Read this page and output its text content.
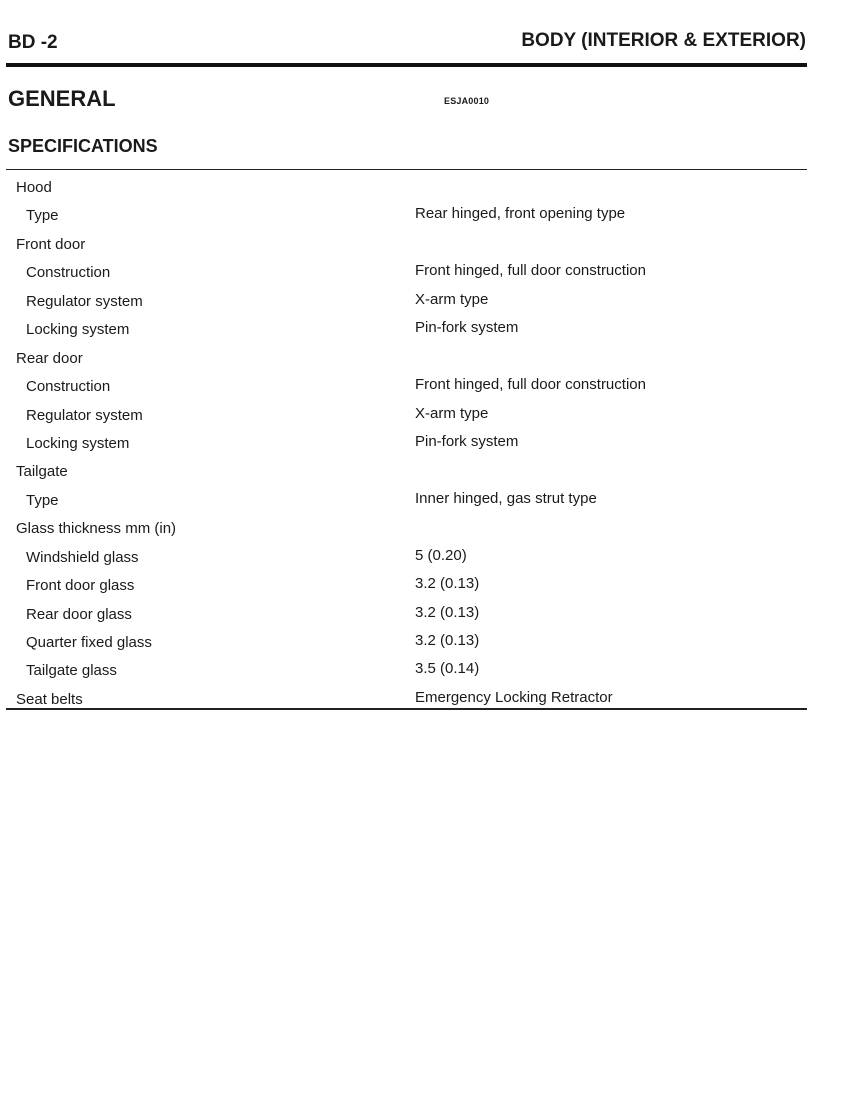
BD -2	BODY (INTERIOR & EXTERIOR)
GENERAL	ESJA0010
SPECIFICATIONS
Hood
Type	Rear hinged, front opening type
Front door
Construction	Front hinged, full door construction
Regulator system	X-arm type
Locking system	Pin-fork system
Rear door
Construction	Front hinged, full door construction
Regulator system	X-arm type
Locking system	Pin-fork system
Tailgate
Type	Inner hinged, gas strut type
Glass thickness mm (in)
Windshield glass	5 (0.20)
Front door glass	3.2 (0.13)
Rear door glass	3.2 (0.13)
Quarter fixed glass	3.2 (0.13)
Tailgate glass	3.5 (0.14)
Seat belts	Emergency Locking Retractor
